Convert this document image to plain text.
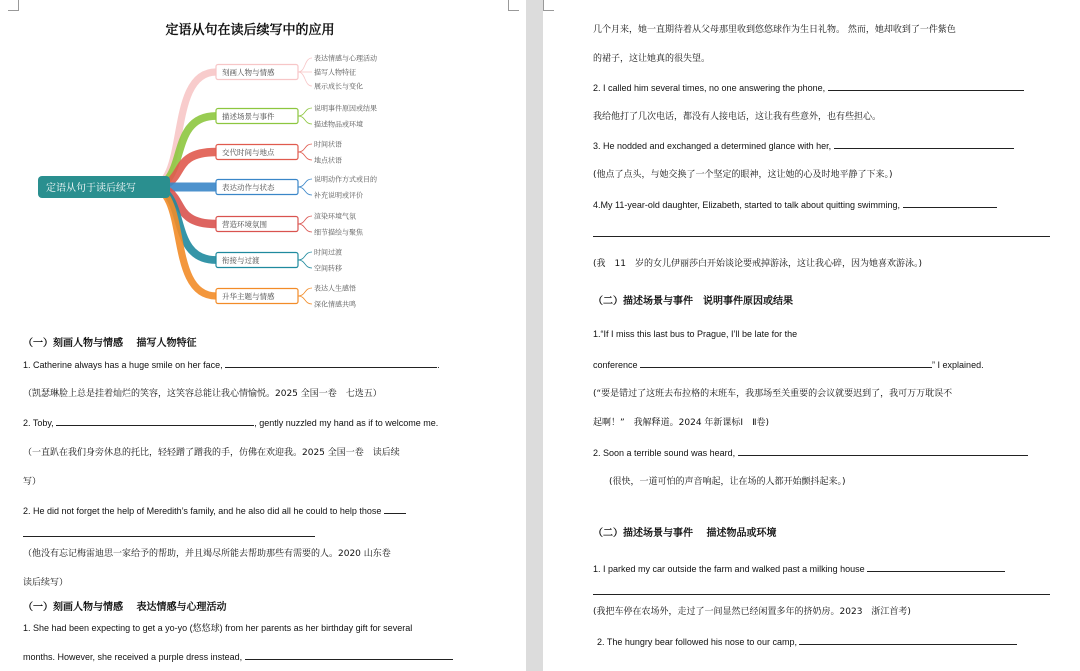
定语从句在读后续写中的应用
定语从句于读后续写
刻画人物与情感
表达情感与心理活动
描写人物特征
展示成长与变化
描述场景与事件
说明事件原因或结果
描述物品或环境
交代时间与地点
时间状语
地点状语
表达动作与状态
说明动作方式或目的
补充说明或评价
营造环境氛围
渲染环境气氛
细节描绘与聚焦
衔接与过渡
时间过渡
空间转移
升华主题与情感
表达人生感悟
深化情感共鸣
（一）刻画人物与情感　 描写人物特征
1. Catherine always has a huge smile on her face,	.
（凯瑟琳脸上总是挂着灿烂的笑容，这笑容总能让我心情愉悦。2025 全国一卷　七选五）
2. Toby,	, gently nuzzled my hand as if to welcome me.
（一直趴在我们身旁休息的托比，轻轻蹭了蹭我的手，仿佛在欢迎我。2025 全国一卷　读后续
写）
2. He did not forget the help of Meredith’s family, and he also did all he could to help those
（他没有忘记梅雷迪思一家给予的帮助，并且竭尽所能去帮助那些有需要的人。2020 山东卷
读后续写）
（一）刻画人物与情感　 表达情感与心理活动
1. She had been expecting to get a yo-yo (悠悠球) from her parents as her birthday gift for several
months. However, she received a purple dress instead,
几个月来，她一直期待着从父母那里收到悠悠球作为生日礼物。 然而，她却收到了一件紫色
的裙子，这让她真的很失望。
2. I called him several times, no one answering the phone,
我给他打了几次电话，都没有人接电话，这让我有些意外，也有些担心。
3. He nodded and exchanged a determined glance with her,
(他点了点头，与她交换了一个坚定的眼神，这让她的心及时地平静了下来。)
4.My 11-year-old daughter, Elizabeth, started to talk about quitting swimming,
(我　11　岁的女儿伊丽莎白开始谈论要戒掉游泳，这让我心碎，因为她喜欢游泳。)
（二）描述场景与事件　说明事件原因或结果
1.“If I miss this last bus to Prague, I’ll be late for the
conference	” I explained.
(“要是错过了这班去布拉格的末班车，我那场至关重要的会议就要迟到了，我可万万耽误不
起啊！”　我解释道。2024 年新课标Ⅰ　Ⅱ卷)
2. Soon a terrible sound was heard,
(很快，一道可怕的声音响起，让在场的人都开始颤抖起来。)
（二）描述场景与事件　 描述物品或环境
1. I parked my car outside the farm and walked past a milking house
(我把车停在农场外，走过了一间显然已经闲置多年的挤奶房。2023　浙江首考)
2. The hungry bear followed his nose to our camp,
